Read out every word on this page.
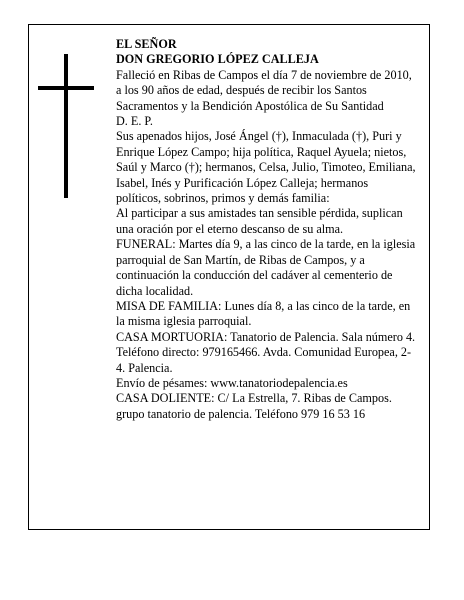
EL SEÑOR

DON GREGORIO LÓPEZ CALLEJA

Falleció en Ribas de Campos el día 7 de noviembre de 2010, a los 90 años de edad, después de recibir los Santos Sacramentos y la Bendición Apostólica de Su Santidad

D. E. P.

Sus apenados hijos, José Ángel (†), Inmaculada (†), Puri y Enrique López Campo; hija política, Raquel Ayuela; nietos, Saúl y Marco (†); hermanos, Celsa, Julio, Timoteo, Emiliana, Isabel, Inés y Purificación López Calleja; hermanos políticos, sobrinos, primos y demás familia:

Al participar a sus amistades tan sensible pérdida, suplican una oración por el eterno descanso de su alma.

FUNERAL: Martes día 9, a las cinco de la tarde, en la iglesia parroquial de San Martín, de Ribas de Campos, y a continuación la conducción del cadáver al cementerio de dicha localidad.

MISA DE FAMILIA: Lunes día 8, a las cinco de la tarde, en la misma iglesia parroquial.

CASA MORTUORIA: Tanatorio de Palencia. Sala número 4. Teléfono directo: 979165466. Avda. Comunidad Europea, 2-4. Palencia.

Envío de pésames: www.tanatoriodepalencia.es

CASA DOLIENTE: C/ La Estrella, 7. Ribas de Campos.

grupo tanatorio de palencia. Teléfono 979 16 53 16
